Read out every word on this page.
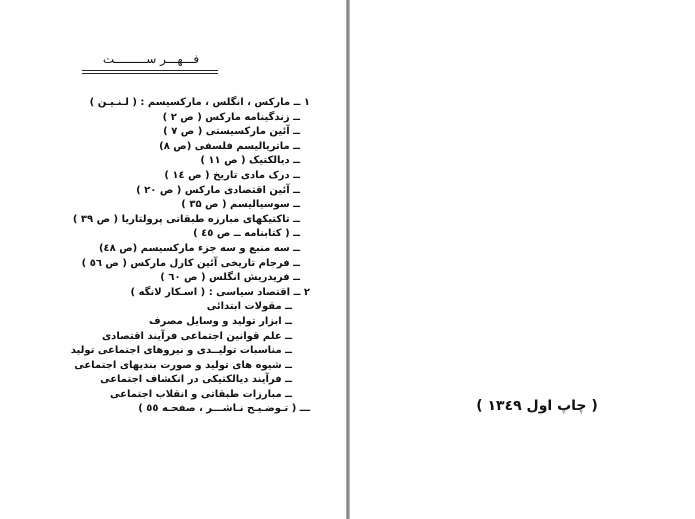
فـــهـــر ســـــــــت
۱ ــ مارکس ، انگلس ، مارکسیسم : ( لـنـیـن )
ــ زندگینامه مارکس ( ص ۲ )
ــ آئین مارکسیستی ( ص ۷ )
ــ ماتریالیسم فلسفی (ص ۸)
ــ دیالکتیک ( ص ۱۱ )
ــ درک مادی تاریخ ( ص ۱٤ )
ــ آئین اقتصادی مارکس ( ص ۲۰ )
ــ سوسیالیسم ( ص ۳۵ )
ــ تاکتیکهای مبارزه طبقاتی پرولتاریا ( ص ۳۹ )
ــ ( کتابنامه ــ ص ٤٥ )
ــ سه منبع و سه جزء مارکسیسم (ص ٤۸)
ــ فرجام تاریخی آئین کارل مارکس ( ص ٥٦ )
ــ فریدریش انگلس ( ص ٦۰ )
۲ ــ اقتصاد سیاسی : ( اسـکار لانگه )
ــ مقولات ابتدائی
ــ ابزار تولید و وسایل مصرف
ــ علم قوانین اجتماعی فرآیند اقتصادی
ــ مناسبات تولیــدی و نیروهای اجتماعی تولید
ــ شیوه های تولید و صورت بندیهای اجتماعی
ــ فرآیند دیالکتیکی در انکشاف اجتماعی
ــ مبارزات طبقاتی و انقلاب اجتماعی
ـــ ( تـوضـیـح نـاشـــر ، صفحـه ٥٥ )	( چاپ اول ۱۳٤۹ )
